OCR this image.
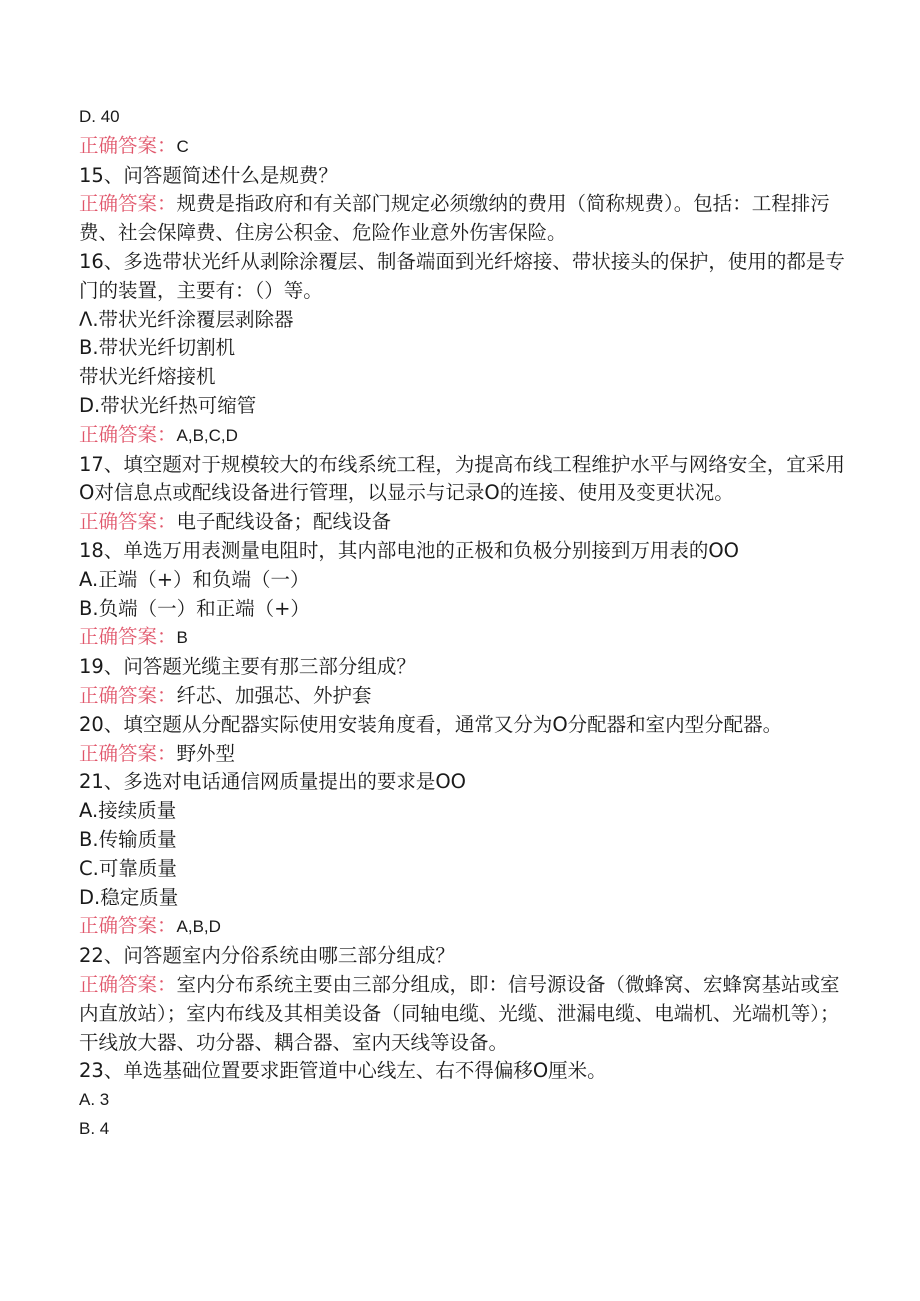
D. 40
正确答案：C
15、问答题简述什么是规费？
正确答案：规费是指政府和有关部门规定必须缴纳的费用（简称规费）。包括：工程排污费、社会保障费、住房公积金、危险作业意外伤害保险。
16、多选带状光纤从剥除涂覆层、制备端面到光纤熔接、带状接头的保护，使用的都是专门的装置，主要有：（）等。
Λ.带状光纤涂覆层剥除器
B.带状光纤切割机
带状光纤熔接机
D.带状光纤热可缩管
正确答案：A,B,C,D
17、填空题对于规模较大的布线系统工程，为提高布线工程维护水平与网络安全，宜采用O对信息点或配线设备进行管理，以显示与记录O的连接、使用及变更状况。
正确答案：电子配线设备；配线设备
18、单选万用表测量电阻时，其内部电池的正极和负极分别接到万用表的OO
A.正端（+）和负端（一）
B.负端（一）和正端（+）
正确答案：B
19、问答题光缆主要有那三部分组成？
正确答案：纤芯、加强芯、外护套
20、填空题从分配器实际使用安装角度看，通常又分为O分配器和室内型分配器。
正确答案：野外型
21、多选对电话通信网质量提出的要求是OO
A.接续质量
B.传输质量
C.可靠质量
D.稳定质量
正确答案：A,B,D
22、问答题室内分俗系统由哪三部分组成？
正确答案：室内分布系统主要由三部分组成，即：信号源设备（微蜂窝、宏蜂窝基站或室内直放站）；室内布线及其相美设备（同轴电缆、光缆、泄漏电缆、电端机、光端机等）；干线放大器、功分器、耦合器、室内天线等设备。
23、单选基础位置要求距管道中心线左、右不得偏移O厘米。
A. 3
B. 4
